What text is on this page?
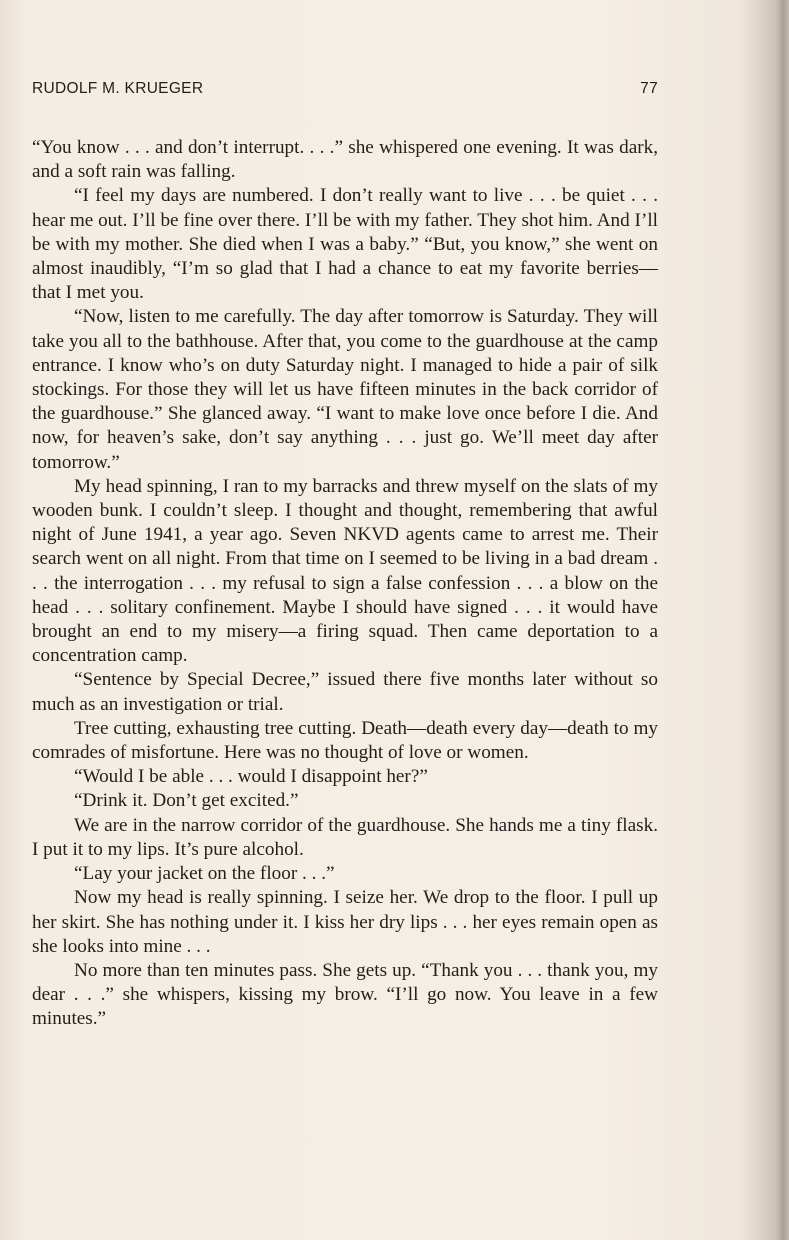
RUDOLF M. KRUEGER	77

“You know . . . and don’t interrupt. . . .” she whispered one evening. It was dark, and a soft rain was falling.

“I feel my days are numbered. I don’t really want to live . . . be quiet . . . hear me out. I’ll be fine over there. I’ll be with my father. They shot him. And I’ll be with my mother. She died when I was a baby.” “But, you know,” she went on almost inaudibly, “I’m so glad that I had a chance to eat my favorite berries—that I met you.

“Now, listen to me carefully. The day after tomorrow is Saturday. They will take you all to the bathhouse. After that, you come to the guardhouse at the camp entrance. I know who’s on duty Saturday night. I managed to hide a pair of silk stockings. For those they will let us have fifteen minutes in the back corridor of the guardhouse.” She glanced away. “I want to make love once before I die. And now, for heaven’s sake, don’t say anything . . . just go. We’ll meet day after tomorrow.”

My head spinning, I ran to my barracks and threw myself on the slats of my wooden bunk. I couldn’t sleep. I thought and thought, remembering that awful night of June 1941, a year ago. Seven NKVD agents came to arrest me. Their search went on all night. From that time on I seemed to be living in a bad dream . . . the interrogation . . . my refusal to sign a false confession . . . a blow on the head . . . solitary confinement. Maybe I should have signed . . . it would have brought an end to my misery—a firing squad. Then came deportation to a concentration camp.

“Sentence by Special Decree,” issued there five months later without so much as an investigation or trial.

Tree cutting, exhausting tree cutting. Death—death every day—death to my comrades of misfortune. Here was no thought of love or women.

“Would I be able . . . would I disappoint her?”

“Drink it. Don’t get excited.”

We are in the narrow corridor of the guardhouse. She hands me a tiny flask. I put it to my lips. It’s pure alcohol.

“Lay your jacket on the floor . . .”

Now my head is really spinning. I seize her. We drop to the floor. I pull up her skirt. She has nothing under it. I kiss her dry lips . . . her eyes remain open as she looks into mine . . .

No more than ten minutes pass. She gets up. “Thank you . . . thank you, my dear . . .” she whispers, kissing my brow. “I’ll go now. You leave in a few minutes.”
